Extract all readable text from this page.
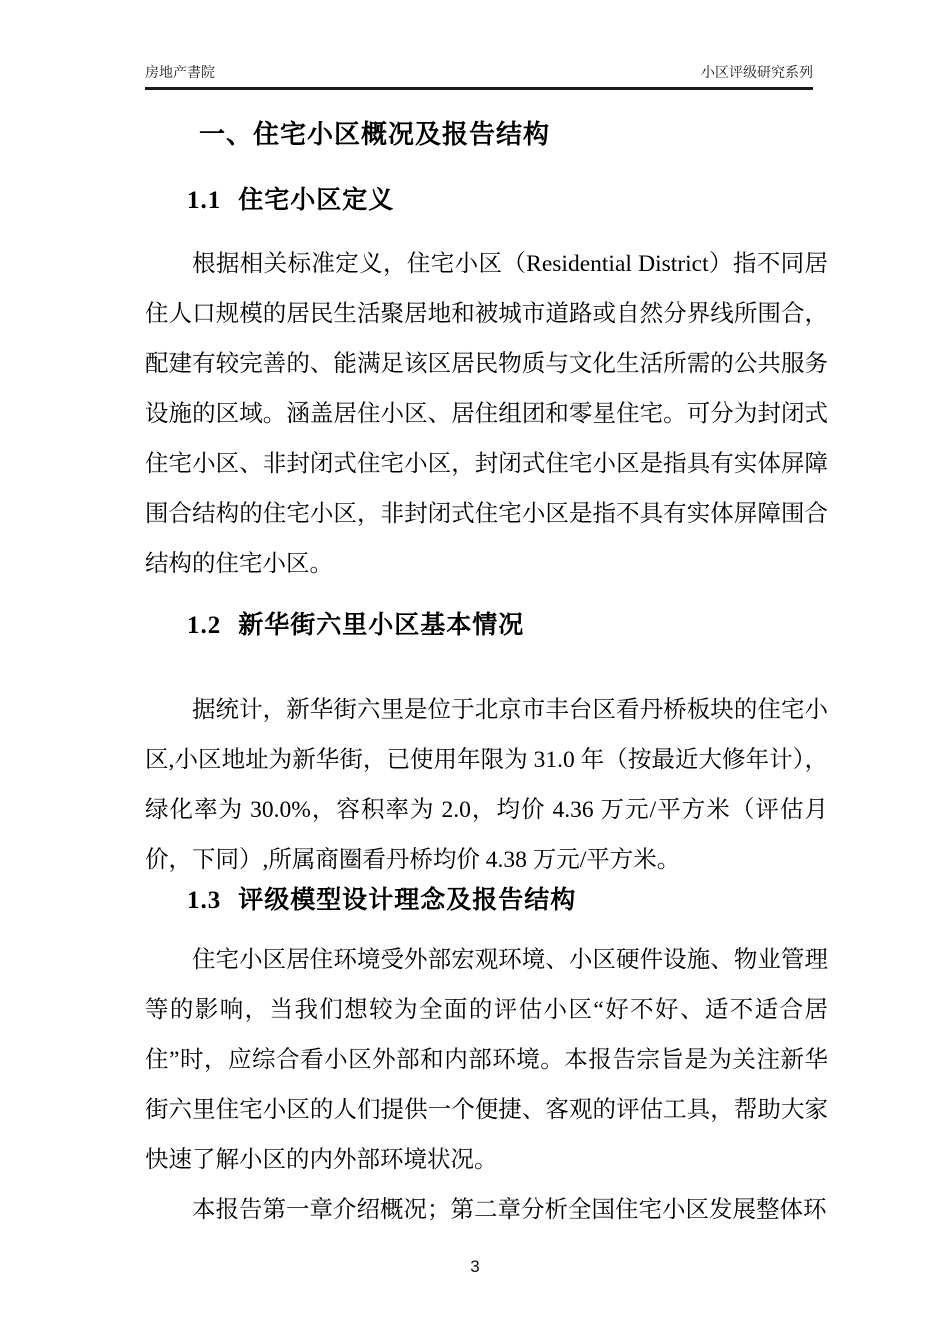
房地产書院	小区评级研究系列
一、住宅小区概况及报告结构
1.1 住宅小区定义

根据相关标准定义，住宅小区（Residential District）指不同居住人口规模的居民生活聚居地和被城市道路或自然分界线所围合，配建有较完善的、能满足该区居民物质与文化生活所需的公共服务设施的区域。涵盖居住小区、居住组团和零星住宅。可分为封闭式住宅小区、非封闭式住宅小区，封闭式住宅小区是指具有实体屏障围合结构的住宅小区，非封闭式住宅小区是指不具有实体屏障围合结构的住宅小区。

1.2 新华街六里小区基本情况

据统计，新华街六里是位于北京市丰台区看丹桥板块的住宅小区,小区地址为新华街，已使用年限为 31.0 年（按最近大修年计），绿化率为 30.0%，容积率为 2.0，均价 4.36 万元/平方米（评估月价，下同）,所属商圈看丹桥均价 4.38 万元/平方米。

1.3 评级模型设计理念及报告结构

住宅小区居住环境受外部宏观环境、小区硬件设施、物业管理等的影响，当我们想较为全面的评估小区“好不好、适不适合居住”时，应综合看小区外部和内部环境。本报告宗旨是为关注新华街六里住宅小区的人们提供一个便捷、客观的评估工具，帮助大家快速了解小区的内外部环境状况。

本报告第一章介绍概况；第二章分析全国住宅小区发展整体环

3
